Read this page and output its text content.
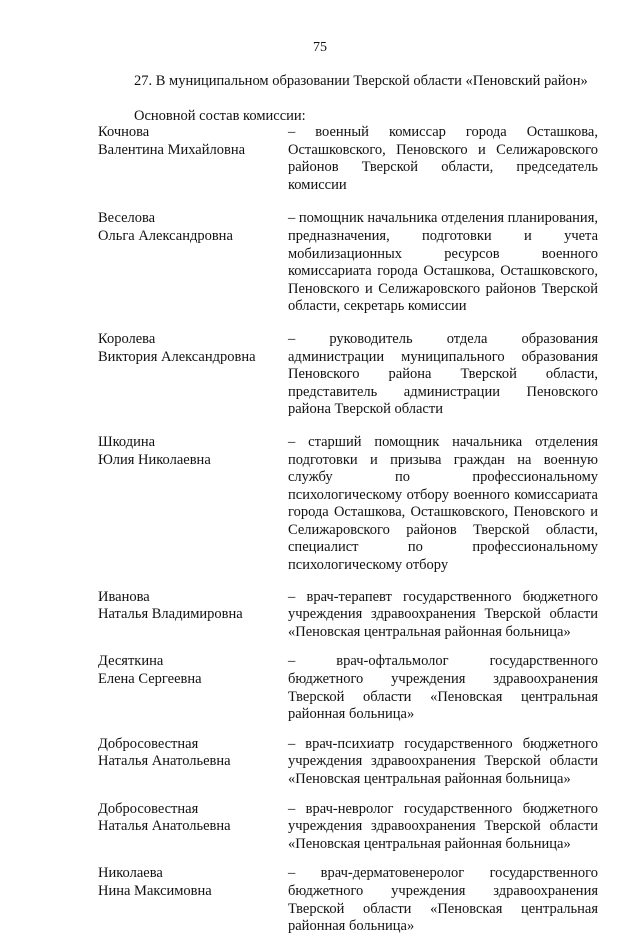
75
27. В муниципальном образовании Тверской области «Пеновский район»
Основной состав комиссии:
Кочнова
Валентина Михайловна
– военный комиссар города Осташкова, Осташковского, Пеновского и Селижаровского районов Тверской области, председатель комиссии
Веселова
Ольга Александровна
– помощник начальника отделения планирования, предназначения, подготовки и учета мобилизационных ресурсов военного комиссариата города Осташкова, Осташковского, Пеновского и Селижаровского районов Тверской области, секретарь комиссии
Королева
Виктория Александровна
– руководитель отдела образования администрации муниципального образования Пеновского района Тверской области, представитель администрации Пеновского района Тверской области
Шкодина
Юлия Николаевна
– старший помощник начальника отделения подготовки и призыва граждан на военную службу по профессиональному психологическому отбору военного комиссариата города Осташкова, Осташковского, Пеновского и Селижаровского районов Тверской области, специалист по профессиональному психологическому отбору
Иванова
Наталья Владимировна
– врач-терапевт государственного бюджетного учреждения здравоохранения Тверской области «Пеновская центральная районная больница»
Десяткина
Елена Сергеевна
– врач-офтальмолог государственного бюджетного учреждения здравоохранения Тверской области «Пеновская центральная районная больница»
Добросовестная
Наталья Анатольевна
– врач-психиатр государственного бюджетного учреждения здравоохранения Тверской области «Пеновская центральная районная больница»
Добросовестная
Наталья Анатольевна
– врач-невролог государственного бюджетного учреждения здравоохранения Тверской области «Пеновская центральная районная больница»
Николаева
Нина Максимовна
– врач-дерматовенеролог государственного бюджетного учреждения здравоохранения Тверской области «Пеновская центральная районная больница»
